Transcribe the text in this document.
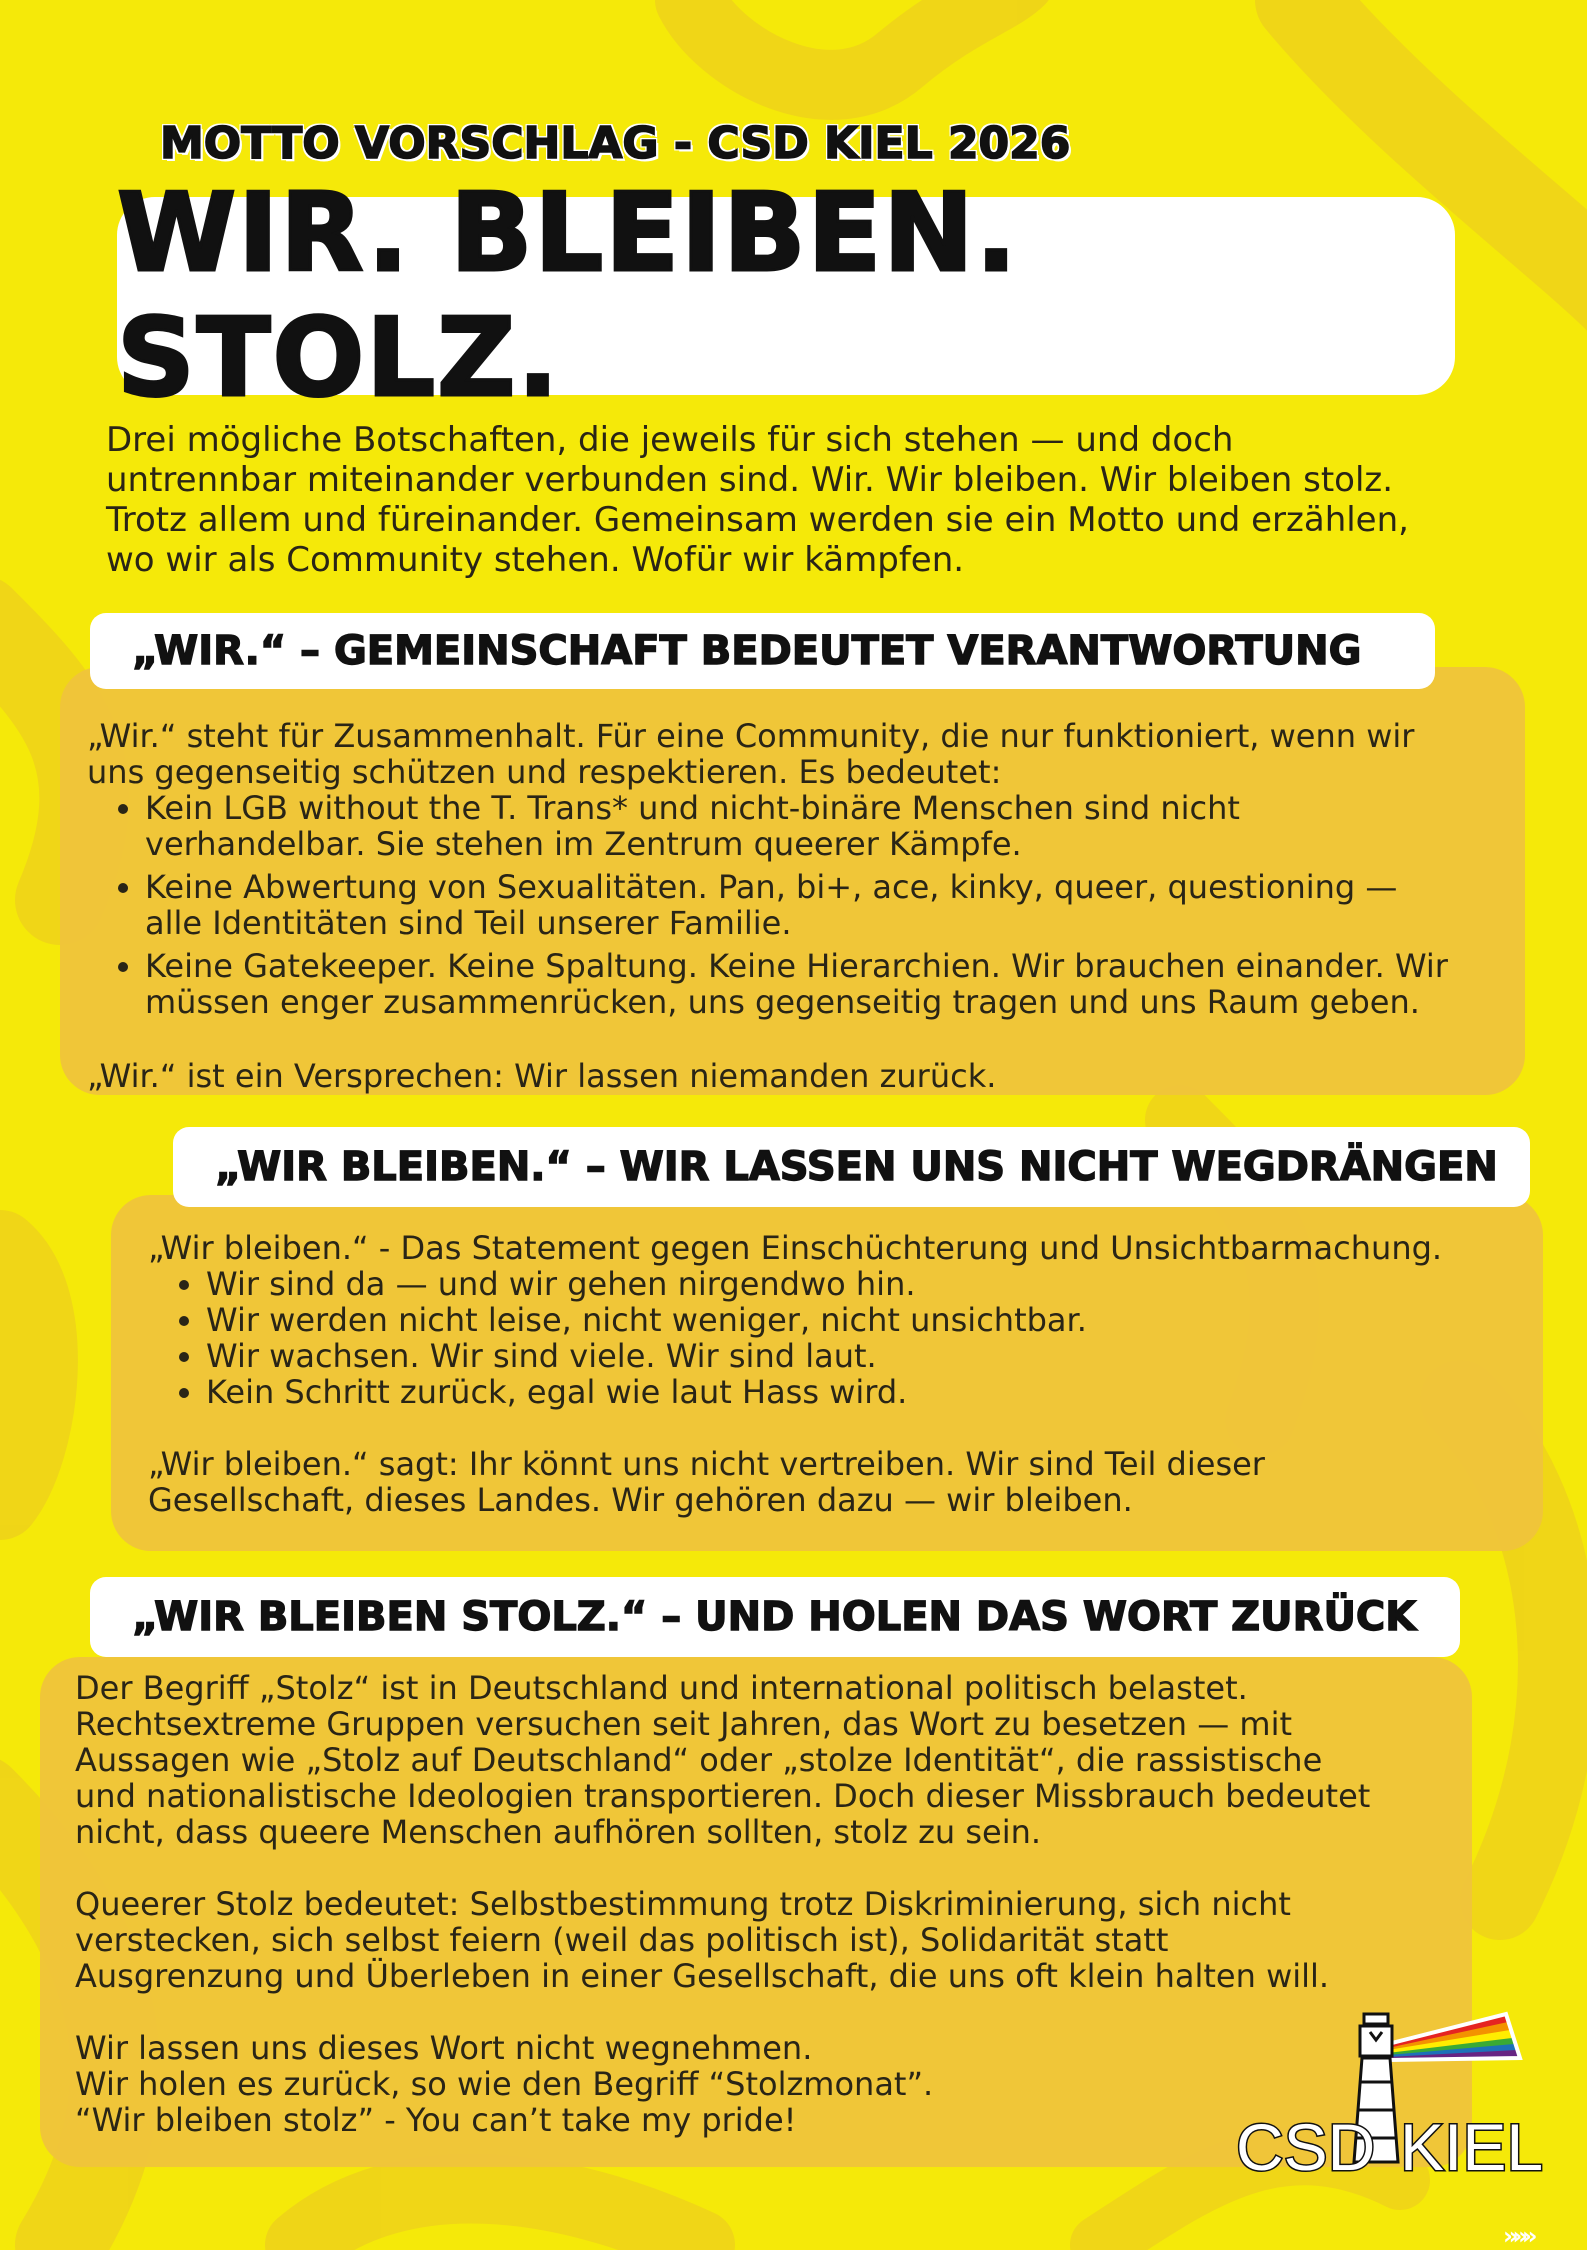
MOTTO VORSCHLAG - CSD KIEL 2026
WIR. BLEIBEN. STOLZ.
Drei mögliche Botschaften, die jeweils für sich stehen — und doch
untrennbar miteinander verbunden sind. Wir. Wir bleiben. Wir bleiben stolz.
Trotz allem und füreinander. Gemeinsam werden sie ein Motto und erzählen,
wo wir als Community stehen. Wofür wir kämpfen.
„WIR.“ – GEMEINSCHAFT BEDEUTET VERANTWORTUNG

„Wir.“ steht für Zusammenhalt. Für eine Community, die nur funktioniert, wenn wir

uns gegenseitig schützen und respektieren. Es bedeutet:

• Kein LGB without the T. Trans* und nicht-binäre Menschen sind nicht
verhandelbar. Sie stehen im Zentrum queerer Kämpfe.
• Keine Abwertung von Sexualitäten. Pan, bi+, ace, kinky, queer, questioning —
alle Identitäten sind Teil unserer Familie.
• Keine Gatekeeper. Keine Spaltung. Keine Hierarchien. Wir brauchen einander. Wir
müssen enger zusammenrücken, uns gegenseitig tragen und uns Raum geben.

„Wir.“ ist ein Versprechen: Wir lassen niemanden zurück.

„WIR BLEIBEN.“ – WIR LASSEN UNS NICHT WEGDRÄNGEN

„Wir bleiben.“ - Das Statement gegen Einschüchterung und Unsichtbarmachung.

• Wir sind da — und wir gehen nirgendwo hin.
• Wir werden nicht leise, nicht weniger, nicht unsichtbar.
• Wir wachsen. Wir sind viele. Wir sind laut.
• Kein Schritt zurück, egal wie laut Hass wird.

„Wir bleiben.“ sagt: Ihr könnt uns nicht vertreiben. Wir sind Teil dieser

Gesellschaft, dieses Landes. Wir gehören dazu — wir bleiben.

„WIR BLEIBEN STOLZ.“ – UND HOLEN DAS WORT ZURÜCK

Der Begriff „Stolz“ ist in Deutschland und international politisch belastet.

Rechtsextreme Gruppen versuchen seit Jahren, das Wort zu besetzen — mit

Aussagen wie „Stolz auf Deutschland“ oder „stolze Identität“, die rassistische

und nationalistische Ideologien transportieren. Doch dieser Missbrauch bedeutet

nicht, dass queere Menschen aufhören sollten, stolz zu sein.

Queerer Stolz bedeutet: Selbstbestimmung trotz Diskriminierung, sich nicht

verstecken, sich selbst feiern (weil das politisch ist), Solidarität statt

Ausgrenzung und Überleben in einer Gesellschaft, die uns oft klein halten will.

Wir lassen uns dieses Wort nicht wegnehmen.

Wir holen es zurück, so wie den Begriff “Stolzmonat”.

“Wir bleiben stolz” - You can’t take my pride!	CSD KIEL
»»»
